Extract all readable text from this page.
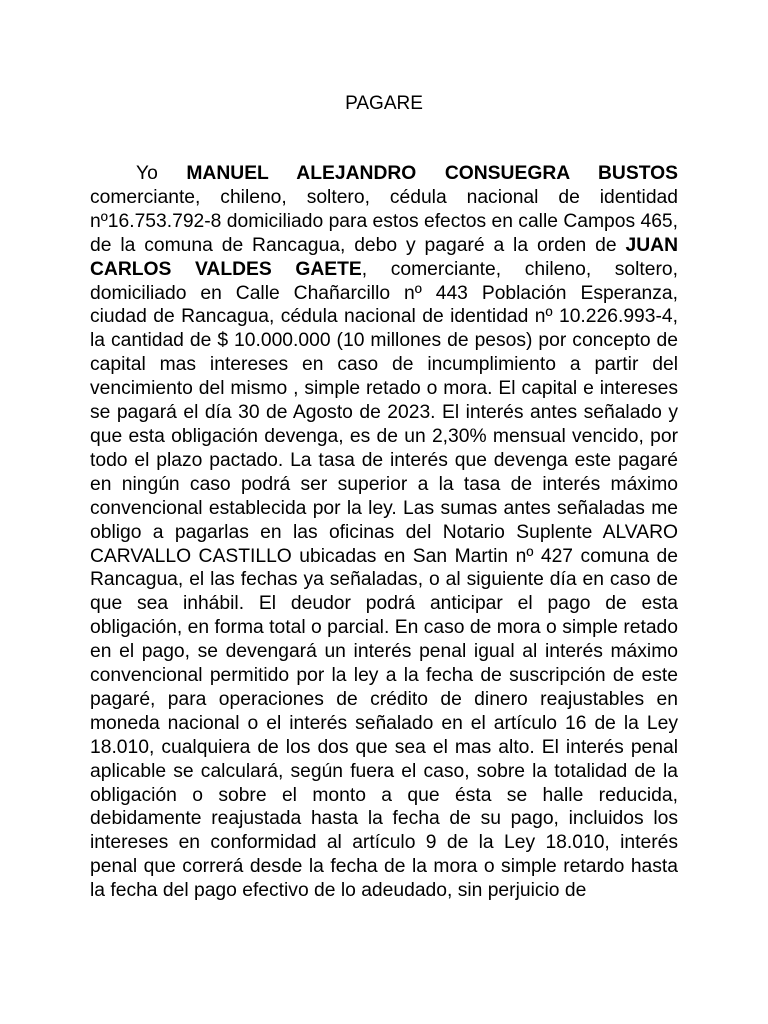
PAGARE
Yo MANUEL ALEJANDRO CONSUEGRA BUSTOS comerciante, chileno, soltero, cédula nacional de identidad nº16.753.792-8 domiciliado para estos efectos en calle Campos 465, de la comuna de Rancagua, debo y pagaré a la orden de JUAN CARLOS VALDES GAETE, comerciante, chileno, soltero, domiciliado en Calle Chañarcillo nº 443 Población Esperanza, ciudad de Rancagua, cédula nacional de identidad nº 10.226.993-4, la cantidad de $ 10.000.000 (10 millones de pesos) por concepto de capital mas intereses en caso de incumplimiento a partir del vencimiento del mismo , simple retado o mora. El capital e intereses se pagará el día 30 de Agosto de 2023. El interés antes señalado y que esta obligación devenga, es de un 2,30% mensual vencido, por todo el plazo pactado. La tasa de interés que devenga este pagaré en ningún caso podrá ser superior a la tasa de interés máximo convencional establecida por la ley. Las sumas antes señaladas me obligo a pagarlas en las oficinas del Notario Suplente ALVARO CARVALLO CASTILLO ubicadas en San Martin nº 427 comuna de Rancagua, el las fechas ya señaladas, o al siguiente día en caso de que sea inhábil. El deudor podrá anticipar el pago de esta obligación, en forma total o parcial. En caso de mora o simple retado en el pago, se devengará un interés penal igual al interés máximo convencional permitido por la ley a la fecha de suscripción de este pagaré, para operaciones de crédito de dinero reajustables en moneda nacional o el interés señalado en el artículo 16 de la Ley 18.010, cualquiera de los dos que sea el mas alto. El interés penal aplicable se calculará, según fuera el caso, sobre la totalidad de la obligación o sobre el monto a que ésta se halle reducida, debidamente reajustada hasta la fecha de su pago, incluidos los intereses en conformidad al artículo 9 de la Ley 18.010, interés penal que correrá desde la fecha de la mora o simple retardo hasta la fecha del pago efectivo de lo adeudado, sin perjuicio de
